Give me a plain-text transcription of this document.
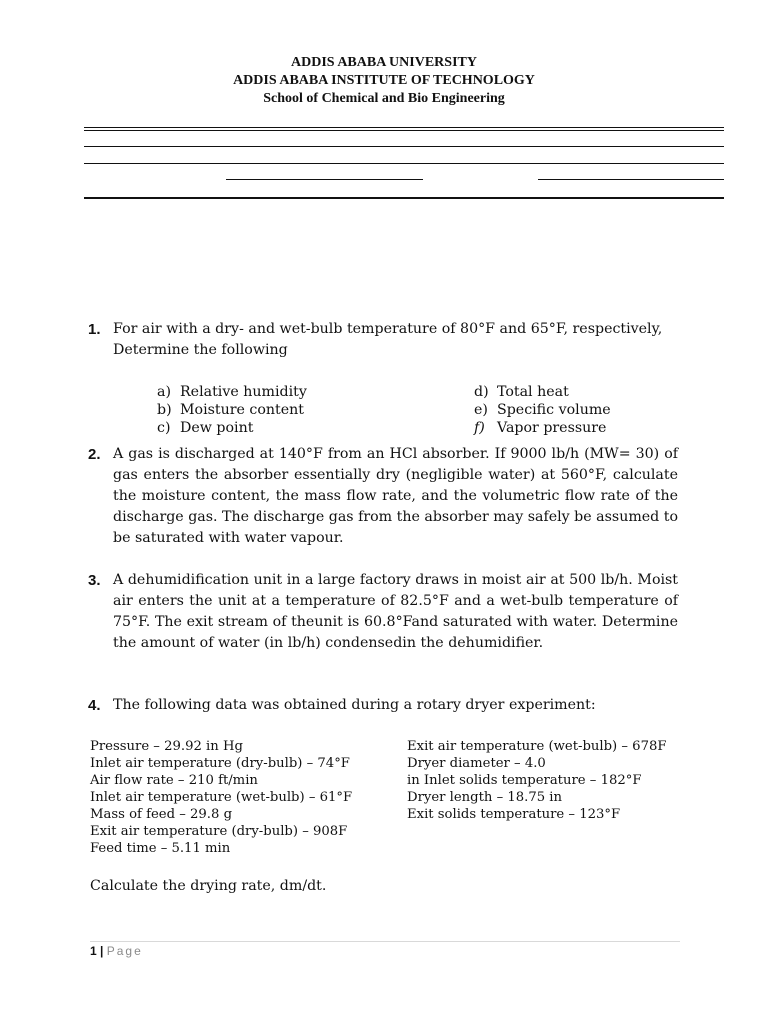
ADDIS ABABA UNIVERSITY
ADDIS ABABA INSTITUTE OF TECHNOLOGY
School of Chemical and Bio Engineering
1. For air with a dry- and wet-bulb temperature of 80°F and 65°F, respectively, Determine the following
a) Relative humidity
b) Moisture content
c) Dew point
d) Total heat
e) Specific volume
f) Vapor pressure
2. A gas is discharged at 140°F from an HCl absorber. If 9000 lb/h (MW= 30) of gas enters the absorber essentially dry (negligible water) at 560°F, calculate the moisture content, the mass flow rate, and the volumetric flow rate of the discharge gas. The discharge gas from the absorber may safely be assumed to be saturated with water vapour.
3. A dehumidification unit in a large factory draws in moist air at 500 lb/h. Moist air enters the unit at a temperature of 82.5°F and a wet-bulb temperature of 75°F. The exit stream of theunit is 60.8°Fand saturated with water. Determine the amount of water (in lb/h) condensedin the dehumidifier.
4. The following data was obtained during a rotary dryer experiment:
Pressure – 29.92 in Hg
Inlet air temperature (dry-bulb) – 74°F
Air flow rate – 210 ft/min
Inlet air temperature (wet-bulb) – 61°F
Mass of feed – 29.8 g
Exit air temperature (dry-bulb) – 908F
Feed time – 5.11 min
Exit air temperature (wet-bulb) – 678F
Dryer diameter – 4.0
in Inlet solids temperature – 182°F
Dryer length – 18.75 in
Exit solids temperature – 123°F
Calculate the drying rate, dm/dt.
1 | Page
